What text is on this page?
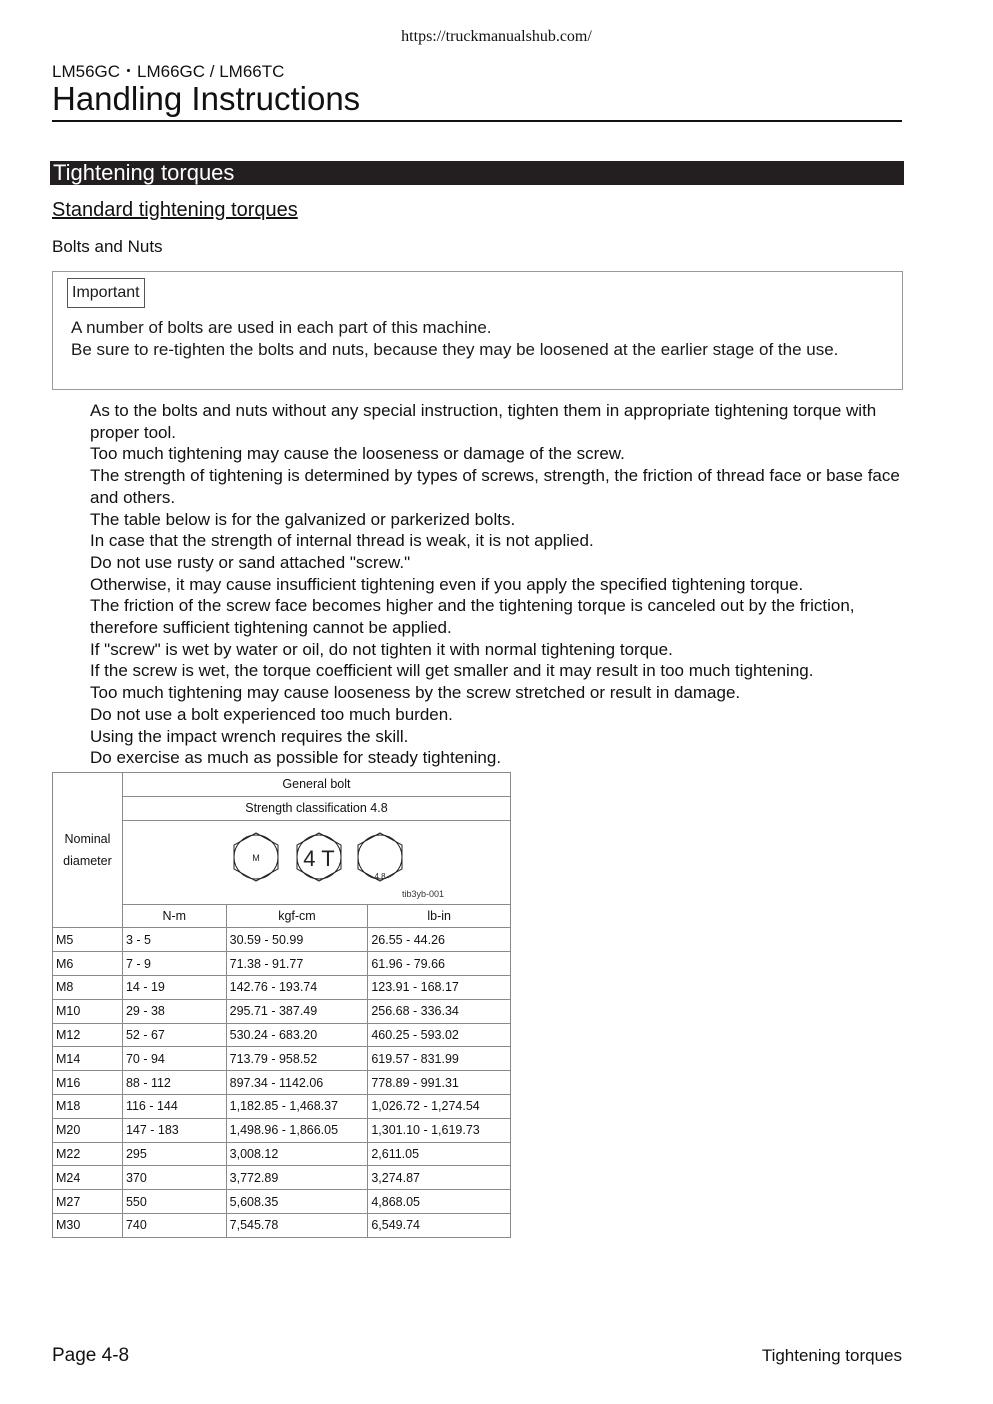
https://truckmanualshub.com/
LM56GC・LM66GC / LM66TC
Handling Instructions
Tightening torques
Standard tightening torques
Bolts and Nuts
Important
A number of bolts are used in each part of this machine.
Be sure to re-tighten the bolts and nuts, because they may be loosened at the earlier stage of the use.
As to the bolts and nuts without any special instruction, tighten them in appropriate tightening torque with proper tool.
Too much tightening may cause the looseness or damage of the screw.
The strength of tightening is determined by types of screws, strength, the friction of thread face or base face and others.
The table below is for the galvanized or parkerized bolts.
In case that the strength of internal thread is weak, it is not applied.
Do not use rusty or sand attached "screw."
Otherwise, it may cause insufficient tightening even if you apply the specified tightening torque.
The friction of the screw face becomes higher and the tightening torque is canceled out by the friction, therefore sufficient tightening cannot be applied.
If "screw" is wet by water or oil, do not tighten it with normal tightening torque.
If the screw is wet, the torque coefficient will get smaller and it may result in too much tightening.
Too much tightening may cause looseness by the screw stretched or result in damage.
Do not use a bolt experienced too much burden.
Using the impact wrench requires the skill.
Do exercise as much as possible for steady tightening.
Nominal
diameter	General bolt		
	Strength classification 4.8		

M 4 T
4.8
tib3yb-001		

	N-m	kgf-cm	lb-in
M5	3 - 5	30.59 - 50.99	26.55 - 44.26
M6	7 - 9	71.38 - 91.77	61.96 - 79.66
M8	14 - 19	142.76 - 193.74	123.91 - 168.17
M10	29 - 38	295.71 - 387.49	256.68 - 336.34
M12	52 - 67	530.24 - 683.20	460.25 - 593.02
M14	70 - 94	713.79 - 958.52	619.57 - 831.99
M16	88 - 112	897.34 - 1142.06	778.89 - 991.31
M18	116 - 144	1,182.85 - 1,468.37	1,026.72 - 1,274.54
M20	147 - 183	1,498.96 - 1,866.05	1,301.10 - 1,619.73
M22	295	3,008.12	2,611.05
M24	370	3,772.89	3,274.87
M27	550	5,608.35	4,868.05
M30	740	7,545.78	6,549.74
Page 4-8	Tightening torques
